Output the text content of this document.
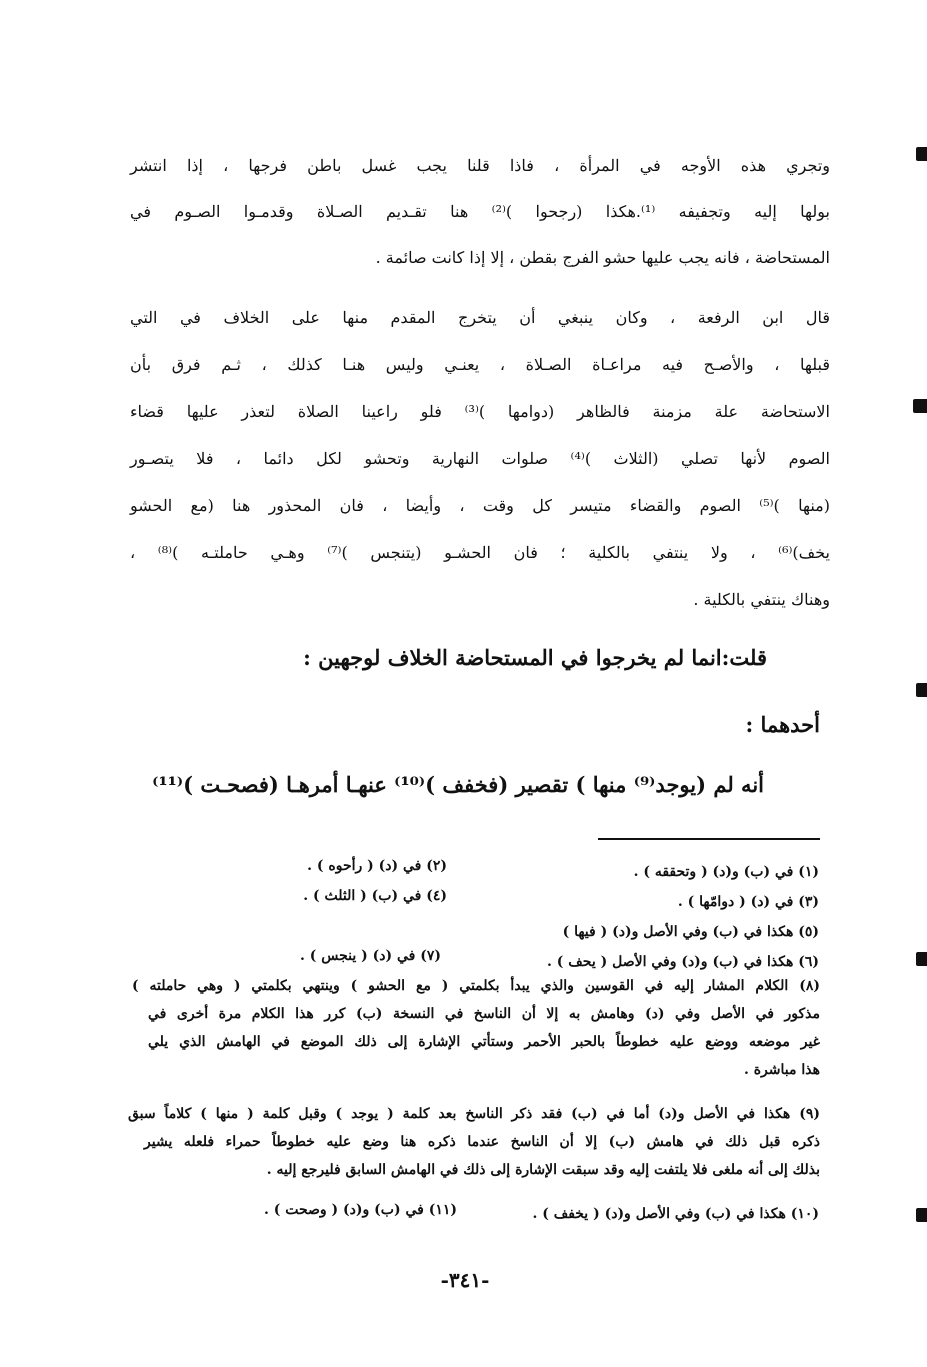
وتجري هذه الأوجه في المرأة ، فاذا قلنا يجب غسل باطن فرجها ، إذا انتشر
بولها إليه وتجفيفه ⁽¹⁾.هكذا (رجحوا )⁽²⁾ هنا تقـديم الصـلاة وقدمـوا الصـوم في
المستحاضة ، فانه يجب عليها حشو الفرج بقطن ، إلا إذا كانت صائمة .
قال ابن الرفعة ، وكان ينبغي أن يتخرج المقدم منها على الخلاف في التي
قبلها ، والأصـح فيه مراعـاة الصـلاة ، يعنـي وليس هنـا كذلك ، ثـم فرق بأن
الاستحاضة علة مزمنة فالظاهر (دوامها )⁽³⁾ فلو راعينا الصلاة لتعذر عليها قضاء
الصوم لأنها تصلي (الثلاث )⁽⁴⁾ صلوات النهارية وتحشو لكل دائما ، فلا يتصـور
(منها )⁽⁵⁾ الصوم والقضاء متيسر كل وقت ، وأيضا ، فان المحذور هنا (مع الحشو
يخف)⁽⁶⁾ ، ولا ينتفي بالكلية ؛ فان الحشـو (يتنجس )⁽⁷⁾ وهـي حاملتـه )⁽⁸⁾ ،
وهناك ينتفي بالكلية .
قلت:انما لم يخرجوا في المستحاضة الخلاف لوجهين :
أحدهما :
أنه لم (يوجد⁽⁹⁾ منها ) تقصير (فخفف )⁽¹⁰⁾ عنهـا أمرهـا (فصحـت )⁽¹¹⁾
(١) في (ب) و(د) ( وتحققه ) .
(٢) في (د) ( رأحوه ) .
(٣) في (د) ( دوامّها ) .
(٤) في (ب) ( الثلث ) .
(٥) هكذا في (ب) وفي الأصل و(د) ( فيها )
(٦) هكذا في (ب) و(د) وفي الأصل ( يحف ) .
(٧) في (د) ( ينجس ) .
(٨) الكلام المشار إليه في القوسين والذي يبدأ بكلمتي ( مع الحشو ) وينتهي بكلمتي ( وهي حاملته )
مذكور في الأصل وفي (د) وهامش به إلا أن الناسخ في النسخة (ب) كرر هذا الكلام مرة أخرى في
غير موضعه ووضع عليه خطوطاً بالحبر الأحمر وستأتي الإشارة إلى ذلك الموضع في الهامش الذي يلي
هذا مباشرة .
(٩) هكذا في الأصل و(د) أما في (ب) فقد ذكر الناسخ بعد كلمة ( يوجد ) وقبل كلمة ( منها ) كلاماً سبق
ذكره قبل ذلك في هامش (ب) إلا أن الناسخ عندما ذكره هنا وضع عليه خطوطاً حمراء فلعله يشير
بذلك إلى أنه ملغى فلا يلتفت إليه وقد سبقت الإشارة إلى ذلك في الهامش السابق فليرجع إليه .
(١٠) هكذا في (ب) وفي الأصل و(د) ( يخفف ) .
(١١) في (ب) و(د) ( وصحت ) .
-٣٤١-
